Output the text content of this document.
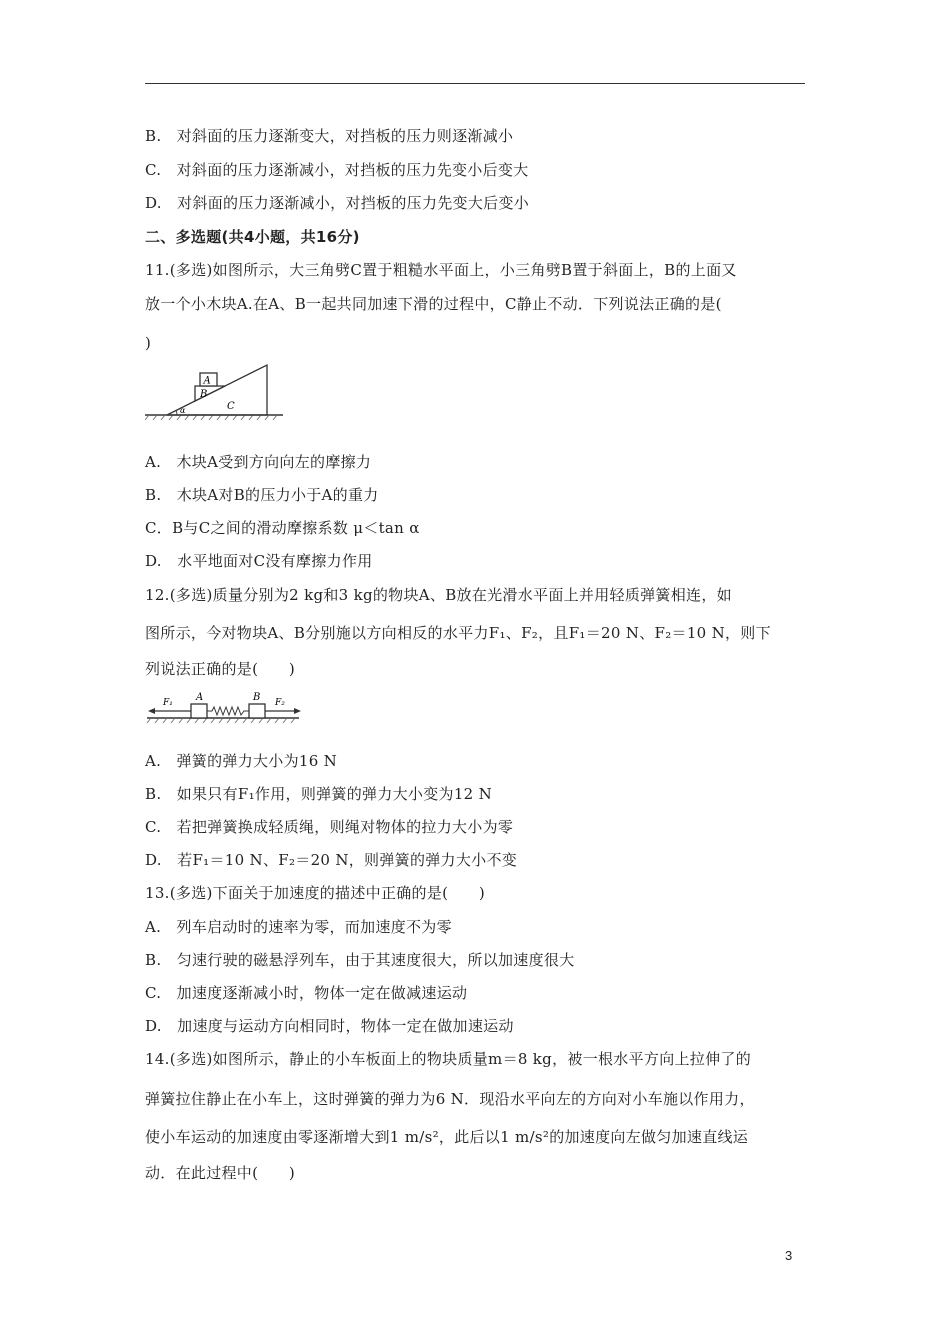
B.　对斜面的压力逐渐变大，对挡板的压力则逐渐减小
C.　对斜面的压力逐渐减小，对挡板的压力先变小后变大
D.　对斜面的压力逐渐减小，对挡板的压力先变大后变小
二、多选题(共4小题，共16分)
11.(多选)如图所示，大三角劈C置于粗糙水平面上，小三角劈B置于斜面上，B的上面又
放一个小木块A.在A、B一起共同加速下滑的过程中，C静止不动．下列说法正确的是(
)
A
B
C
α
A.　木块A受到方向向左的摩擦力
B.　木块A对B的压力小于A的重力
C．B与C之间的滑动摩擦系数 μ＜tan α
D.　水平地面对C没有摩擦力作用
12.(多选)质量分别为2 kg和3 kg的物块A、B放在光滑水平面上并用轻质弹簧相连，如
图所示，今对物块A、B分别施以方向相反的水平力F₁、F₂，且F₁＝20 N、F₂＝10 N，则下
列说法正确的是(　　)
F₁ A	B F₂
A.　弹簧的弹力大小为16 N
B.　如果只有F₁作用，则弹簧的弹力大小变为12 N
C.　若把弹簧换成轻质绳，则绳对物体的拉力大小为零
D.　若F₁＝10 N、F₂＝20 N，则弹簧的弹力大小不变
13.(多选)下面关于加速度的描述中正确的是(　　)
A.　列车启动时的速率为零，而加速度不为零
B.　匀速行驶的磁悬浮列车，由于其速度很大，所以加速度很大
C.　加速度逐渐减小时，物体一定在做减速运动
D.　加速度与运动方向相同时，物体一定在做加速运动
14.(多选)如图所示，静止的小车板面上的物块质量m＝8 kg，被一根水平方向上拉伸了的
弹簧拉住静止在小车上，这时弹簧的弹力为6 N．现沿水平向左的方向对小车施以作用力，
使小车运动的加速度由零逐渐增大到1 m/s²，此后以1 m/s²的加速度向左做匀加速直线运
动．在此过程中(　　)
3
